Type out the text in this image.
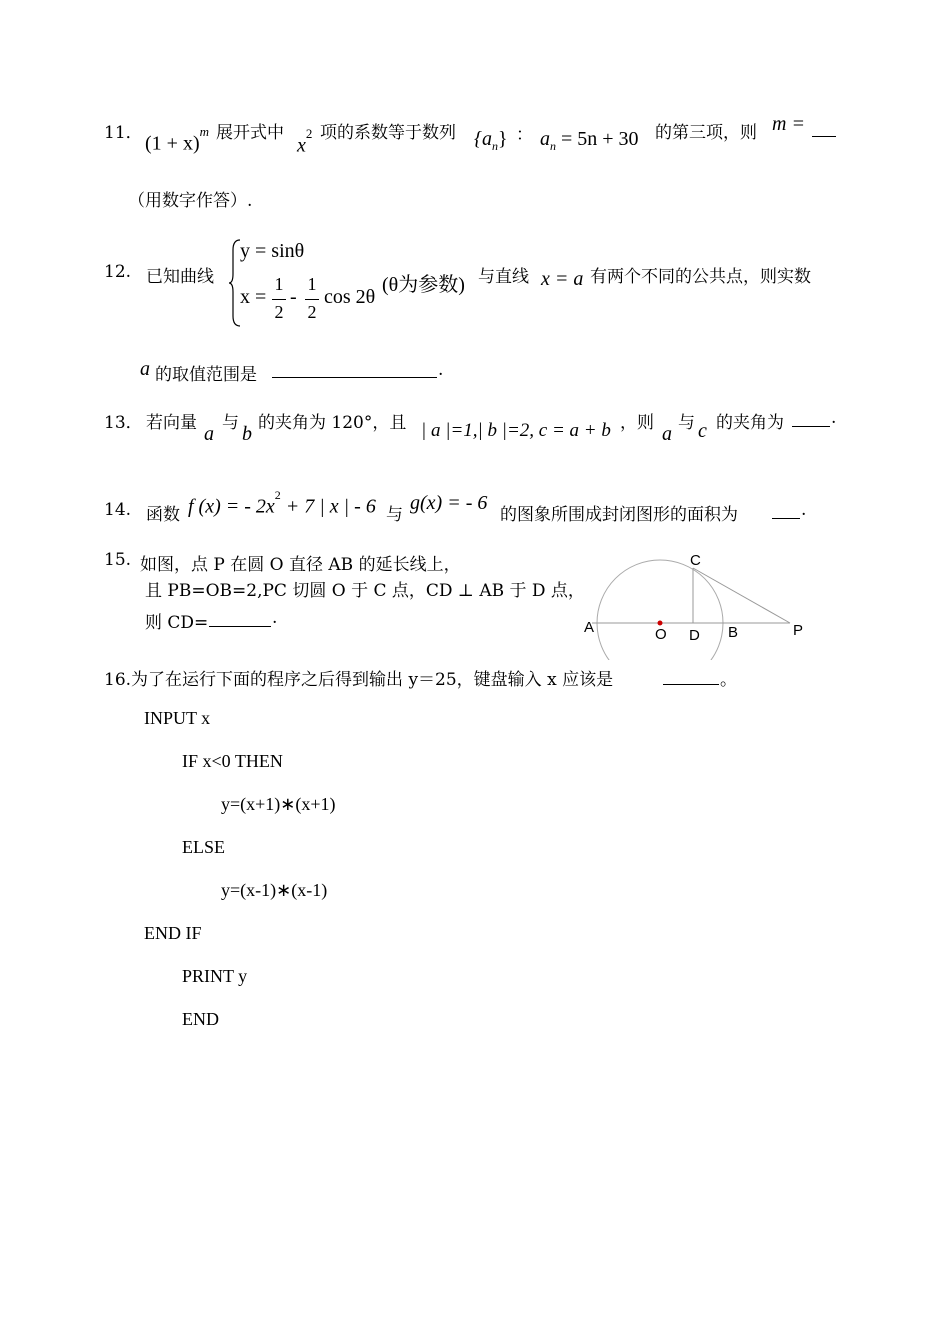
11． $(1 + x)^m$ 展开式中
$x^2$ 项的系数等于数列 $\{a_n\}$ ： $a_n = 5n + 30$ 的第三项，则 m =
（用数字作答）.
12. 已知曲线
y = sinθ
x =
1
2
-
1
2
cos 2θ
(θ为参数) 与直线 x = a 有两个不同的公共点，则实数
a 的取值范围是	.
13． 若向量 a 与 b 的夹角为 120°，且 | a |=1,| b |=2, c = a + b ，则 a 与 c 的夹角为	.
14. 函数 f (x) = - $2x^2 + 7$ | x | - 6 与
g(x) = - 6
的图象所围成封闭图形的面积为	.
15. 如图，点 P 在圆 O 直径 AB 的延长线上，
且 PB=OB=2,PC 切圆 O 于 C 点，CD ⊥ AB 于 D 点，
则 CD=	.	A	O D B	P
C
16.为了在运行下面的程序之后得到输出 y＝25，键盘输入 x 应该是	。
INPUT x
IF x<0 THEN
y=(x+1)∗(x+1)
ELSE
y=(x-1)∗(x-1)
END IF
PRINT y
END
